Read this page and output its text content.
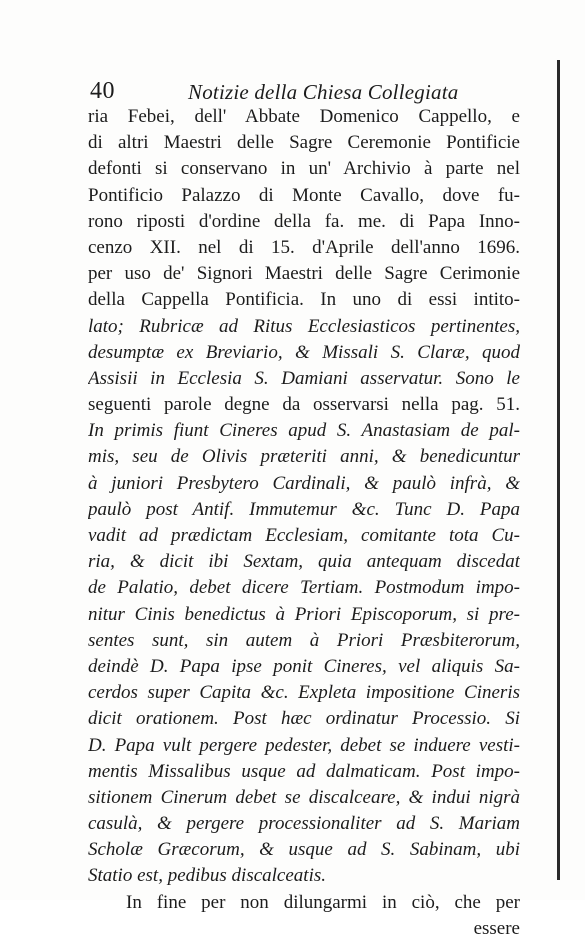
40	Notizie della Chiesa Collegiata
ria Febei, dell' Abbate Domenico Cappello, e
di altri Maestri delle Sagre Ceremonie Pontificie
defonti si conservano in un' Archivio à parte nel
Pontificio Palazzo di Monte Cavallo, dove fu-
rono riposti d'ordine della fa. me. di Papa Inno-
cenzo XII. nel di 15. d'Aprile dell'anno 1696.
per uso de' Signori Maestri delle Sagre Cerimonie
della Cappella Pontificia. In uno di essi intito-
lato; Rubricæ ad Ritus Ecclesiasticos pertinentes,
desumptæ ex Breviario, & Missali S. Claræ, quod
Assisii in Ecclesia S. Damiani asservatur. Sono le
seguenti parole degne da osservarsi nella pag. 51.
In primis fiunt Cineres apud S. Anastasiam de pal-
mis, seu de Olivis præteriti anni, & benedicuntur
à juniori Presbytero Cardinali, & paulò infrà, &
paulò post Antif. Immutemur &c. Tunc D. Papa
vadit ad prædictam Ecclesiam, comitante tota Cu-
ria, & dicit ibi Sextam, quia antequam discedat
de Palatio, debet dicere Tertiam. Postmodum impo-
nitur Cinis benedictus à Priori Episcoporum, si pre-
sentes sunt, sin autem à Priori Præsbiterorum,
deindè D. Papa ipse ponit Cineres, vel aliquis Sa-
cerdos super Capita &c. Expleta impositione Cineris
dicit orationem. Post hæc ordinatur Processio. Si
D. Papa vult pergere pedester, debet se induere vesti-
mentis Missalibus usque ad dalmaticam. Post impo-
sitionem Cinerum debet se discalceare, & indui nigrà
casulà, & pergere processionaliter ad S. Mariam
Scholæ Græcorum, & usque ad S. Sabinam, ubi
Statio est, pedibus discalceatis.
In fine per non dilungarmi in ciò, che per
essere
